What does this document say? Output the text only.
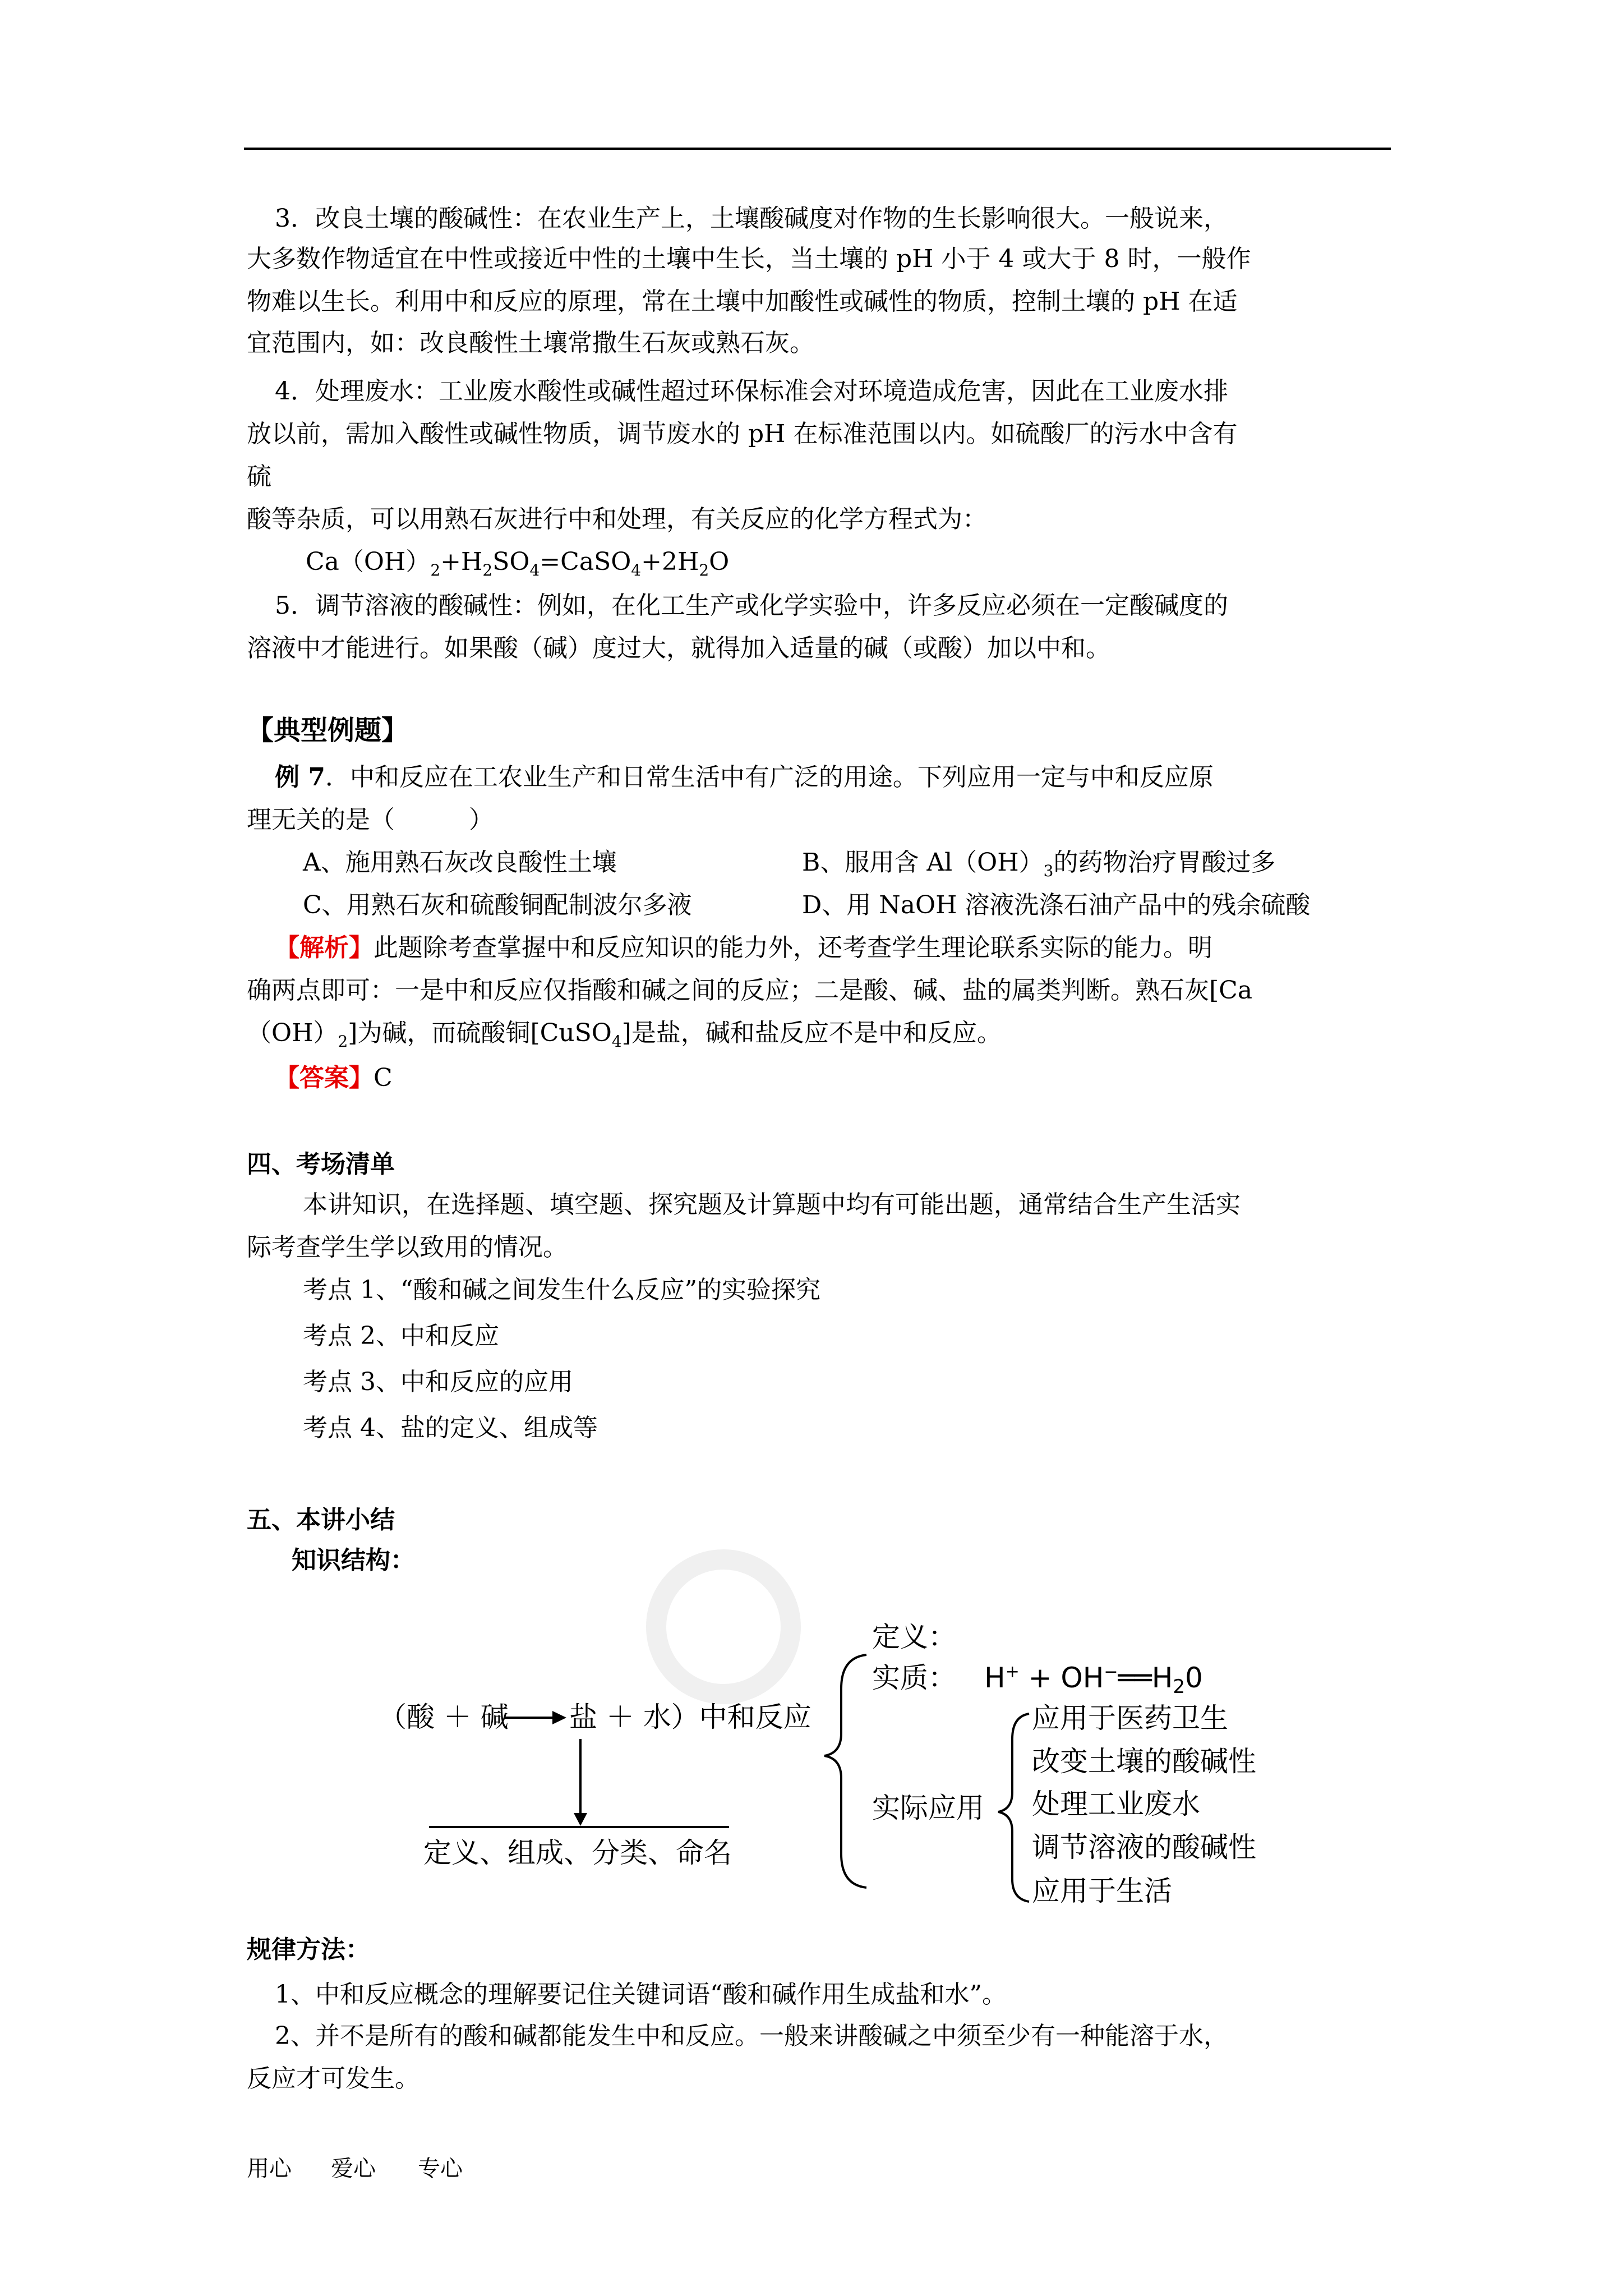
3．改良土壤的酸碱性：在农业生产上，土壤酸碱度对作物的生长影响很大。一般说来，
大多数作物适宜在中性或接近中性的土壤中生长，当土壤的 pH 小于 4 或大于 8 时，一般作
物难以生长。利用中和反应的原理，常在土壤中加酸性或碱性的物质，控制土壤的 pH 在适
宜范围内，如：改良酸性土壤常撒生石灰或熟石灰。
4．处理废水：工业废水酸性或碱性超过环保标准会对环境造成危害，因此在工业废水排
放以前，需加入酸性或碱性物质，调节废水的 pH 在标准范围以内。如硫酸厂的污水中含有
硫
酸等杂质，可以用熟石灰进行中和处理，有关反应的化学方程式为：
$Ca(OH)_2+H_2SO_4=CaSO_4+2H_2O$
5．调节溶液的酸碱性：例如，在化工生产或化学实验中，许多反应必须在一定酸碱度的
溶液中才能进行。如果酸（碱）度过大，就得加入适量的碱（或酸）加以中和。
【典型例题】
例 7．中和反应在工农业生产和日常生活中有广泛的用途。下列应用一定与中和反应原
理无关的是（　　　）
A、施用熟石灰改良酸性土壤	B、服用含 $Al(OH)_3$的药物治疗胃酸过多
C、用熟石灰和硫酸铜配制波尔多液	D、用 NaOH 溶液洗涤石油产品中的残余硫酸
【解析】此题除考查掌握中和反应知识的能力外，还考查学生理论联系实际的能力。明
确两点即可：一是中和反应仅指酸和碱之间的反应；二是酸、碱、盐的属类判断。熟石灰[Ca
$(OH)_2$]为碱，而硫酸铜[CuSO$_4$]是盐，碱和盐反应不是中和反应。
【答案】C
四、考场清单
本讲知识，在选择题、填空题、探究题及计算题中均有可能出题，通常结合生产生活实
际考查学生学以致用的情况。
考点 1、“酸和碱之间发生什么反应”的实验探究
考点 2、中和反应
考点 3、中和反应的应用
考点 4、盐的定义、组成等
五、本讲小结
知识结构：
（酸 ＋ 碱 盐 ＋ 水）中和反应
定义、组成、分类、命名
定义：
实质： $H^+ + OH^-══H_20$
实际应用
应用于医药卫生
改变土壤的酸碱性
处理工业废水
调节溶液的酸碱性
应用于生活
规律方法：
1、中和反应概念的理解要记住关键词语“酸和碱作用生成盐和水”。
2、并不是所有的酸和碱都能发生中和反应。一般来讲酸碱之中须至少有一种能溶于水，
反应才可发生。
用心 爱心 专心
